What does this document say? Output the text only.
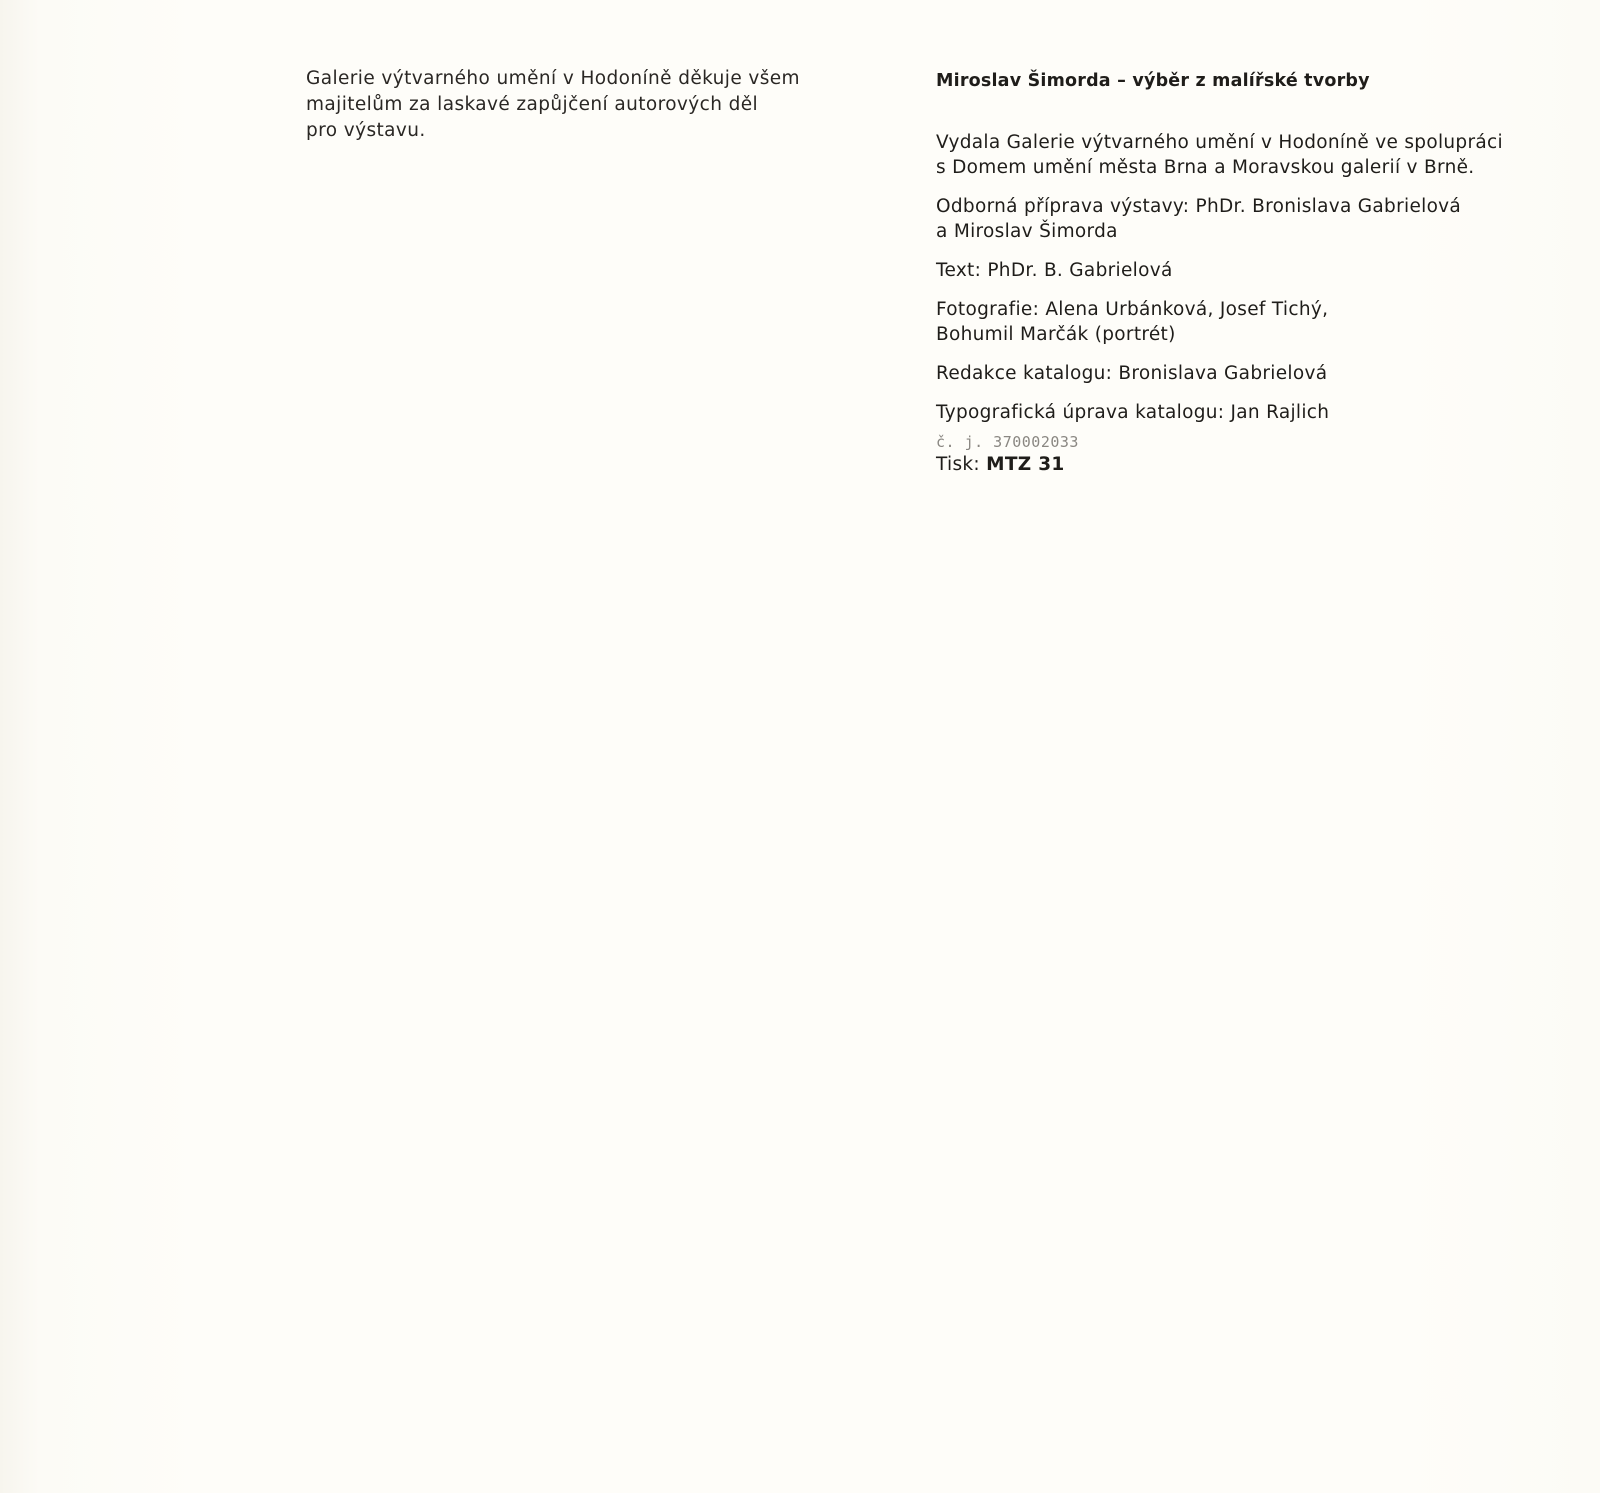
Galerie výtvarného umění v Hodoníně děkuje všem
majitelům za laskavé zapůjčení autorových děl
pro výstavu.
Miroslav Šimorda – výběr z malířské tvorby
Vydala Galerie výtvarného umění v Hodoníně ve spolupráci
s Domem umění města Brna a Moravskou galerií v Brně.
Odborná příprava výstavy: PhDr. Bronislava Gabrielová
a Miroslav Šimorda
Text: PhDr. B. Gabrielová
Fotografie: Alena Urbánková, Josef Tichý,
Bohumil Marčák (portrét)
Redakce katalogu: Bronislava Gabrielová
Typografická úprava katalogu: Jan Rajlich
č. j. 370002033
Tisk: MTZ 31
